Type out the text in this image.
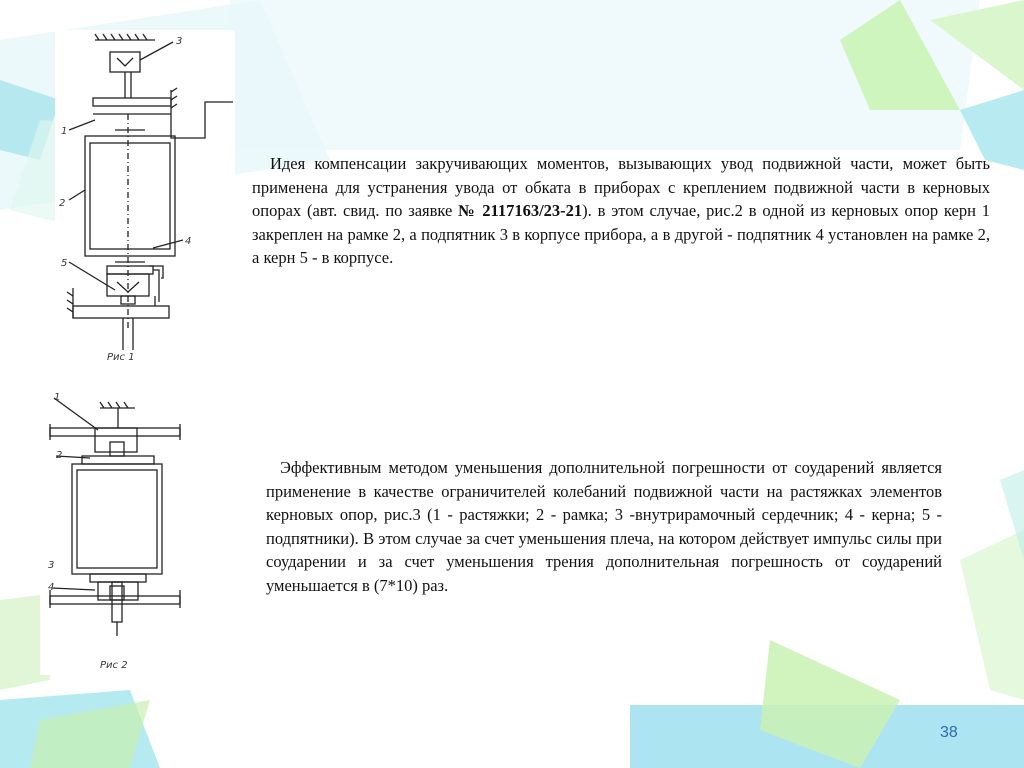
3
1
2
4
5
Рис 1
1
2
3
4
Рис 2
Идея компенсации закручивающих моментов, вызывающих увод подвижной части, может быть применена для устранения увода от обката в приборах с креплением подвижной части в керновых опорах (авт. свид. по заявке № 2117163/23-21). в этом случае, рис.2 в одной из керновых опор керн 1 закреплен на рамке 2, а подпятник 3 в корпусе прибора, а в другой - подпятник 4 установлен на рамке 2, а керн 5 - в корпусе.
Эффективным методом уменьшения дополнительной погрешности от соударений является применение в качестве ограничителей колебаний подвижной части на растяжках элементов керновых опор, рис.3 (1 - растяжки; 2 - рамка; 3 -внутрирамочный сердечник; 4 - керна; 5 - подпятники). В этом случае за счет уменьшения плеча, на котором действует импульс силы при соударении и за счет уменьшения трения дополнительная погрешность от соударений уменьшается в (7*10) раз.
38
